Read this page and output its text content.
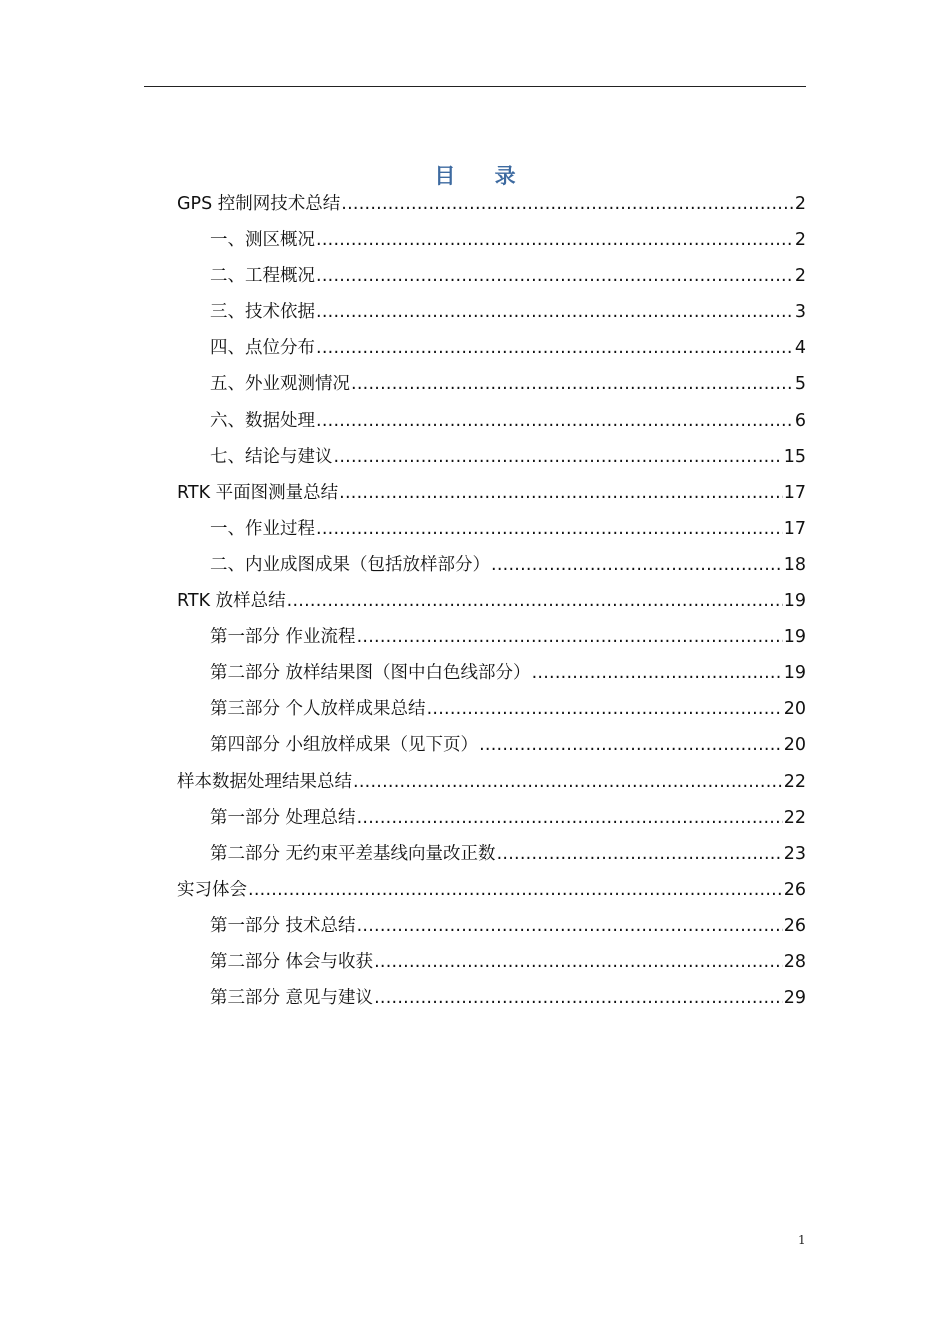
目 录
GPS 控制网技术总结 .....	2
一、测区概况 .....	2
二、工程概况 .....	2
三、技术依据 .....	3
四、点位分布 .....	4
五、外业观测情况 .....	5
六、数据处理 .....	6
七、结论与建议 .....	15
RTK 平面图测量总结 .....	17
一、作业过程 .....	17
二、内业成图成果（包括放样部分） .....	18
RTK 放样总结 .....	19
第一部分 作业流程 .....	19
第二部分 放样结果图（图中白色线部分） .....	19
第三部分 个人放样成果总结 .....	20
第四部分 小组放样成果（见下页） .....	20
样本数据处理结果总结 .....	22
第一部分 处理总结 .....	22
第二部分 无约束平差基线向量改正数 .....	23
实习体会 .....	26
第一部分 技术总结 .....	26
第二部分 体会与收获 .....	28
第三部分 意见与建议 .....	29
1
